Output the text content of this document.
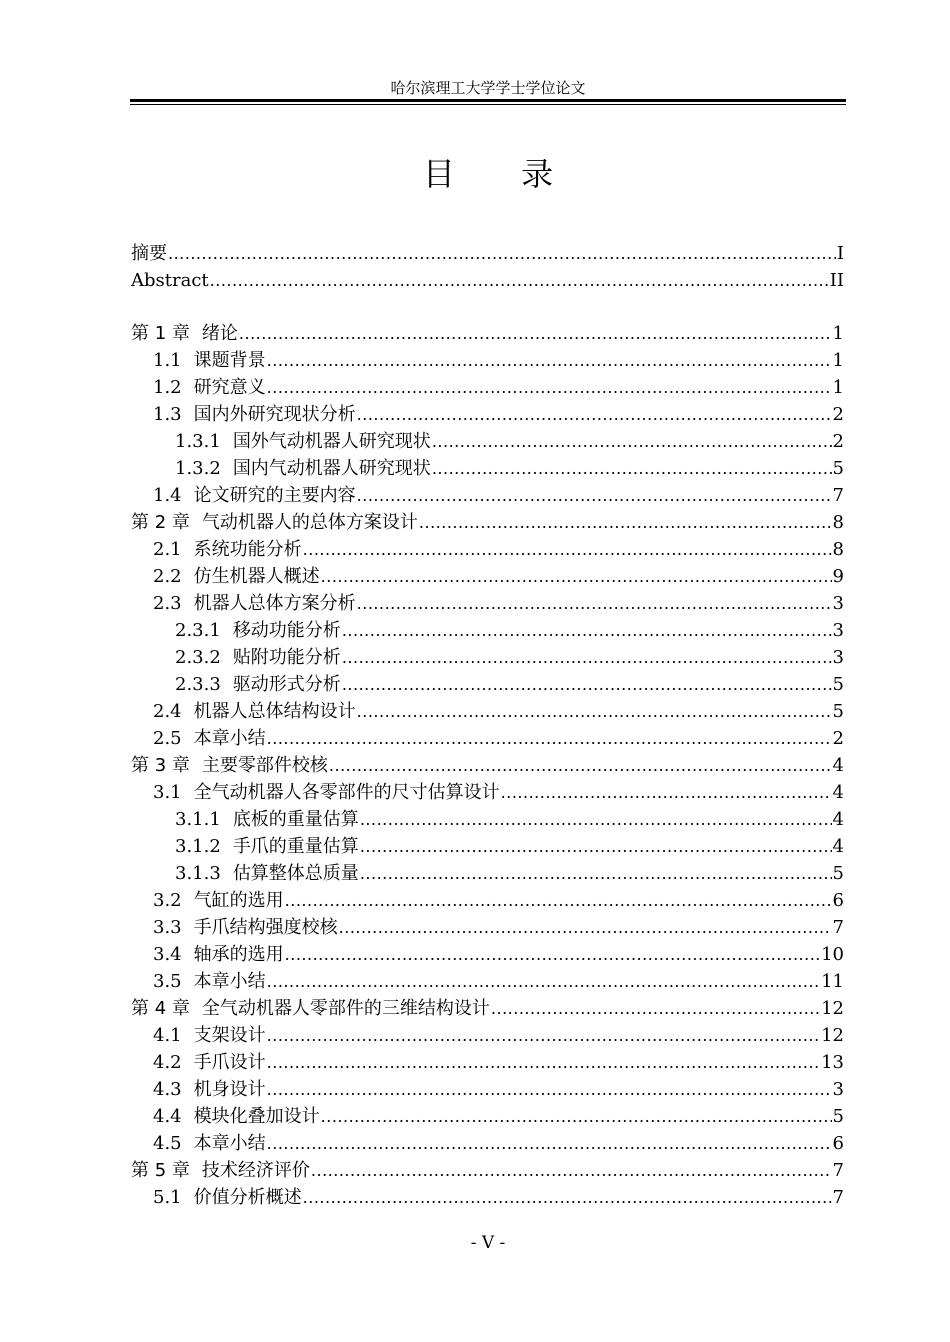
哈尔滨理工大学学士学位论文
目 录
摘要 .....	I
Abstract .....	II
第 1 章 绪论 .....	1
1.1 课题背景 .....	1
1.2 研究意义 .....	1
1.3 国内外研究现状分析 .....	2
1.3.1 国外气动机器人研究现状 .....	2
1.3.2 国内气动机器人研究现状 .....	5
1.4 论文研究的主要内容 .....	7
第 2 章 气动机器人的总体方案设计 .....	8
2.1 系统功能分析 .....	8
2.2 仿生机器人概述 .....	9
2.3 机器人总体方案分析 .....	3
2.3.1 移动功能分析 .....	3
2.3.2 贴附功能分析 .....	3
2.3.3 驱动形式分析 .....	5
2.4 机器人总体结构设计 .....	5
2.5 本章小结 .....	2
第 3 章 主要零部件校核 .....	4
3.1 全气动机器人各零部件的尺寸估算设计 .....	4
3.1.1 底板的重量估算 .....	4
3.1.2 手爪的重量估算 .....	4
3.1.3 估算整体总质量 .....	5
3.2 气缸的选用 .....	6
3.3 手爪结构强度校核 .....	7
3.4 轴承的选用 .....	10
3.5 本章小结 .....	11
第 4 章 全气动机器人零部件的三维结构设计 .....	12
4.1 支架设计 .....	12
4.2 手爪设计 .....	13
4.3 机身设计 .....	3
4.4 模块化叠加设计 .....	5
4.5 本章小结 .....	6
第 5 章 技术经济评价 .....	7
5.1 价值分析概述 .....	7
- V -
